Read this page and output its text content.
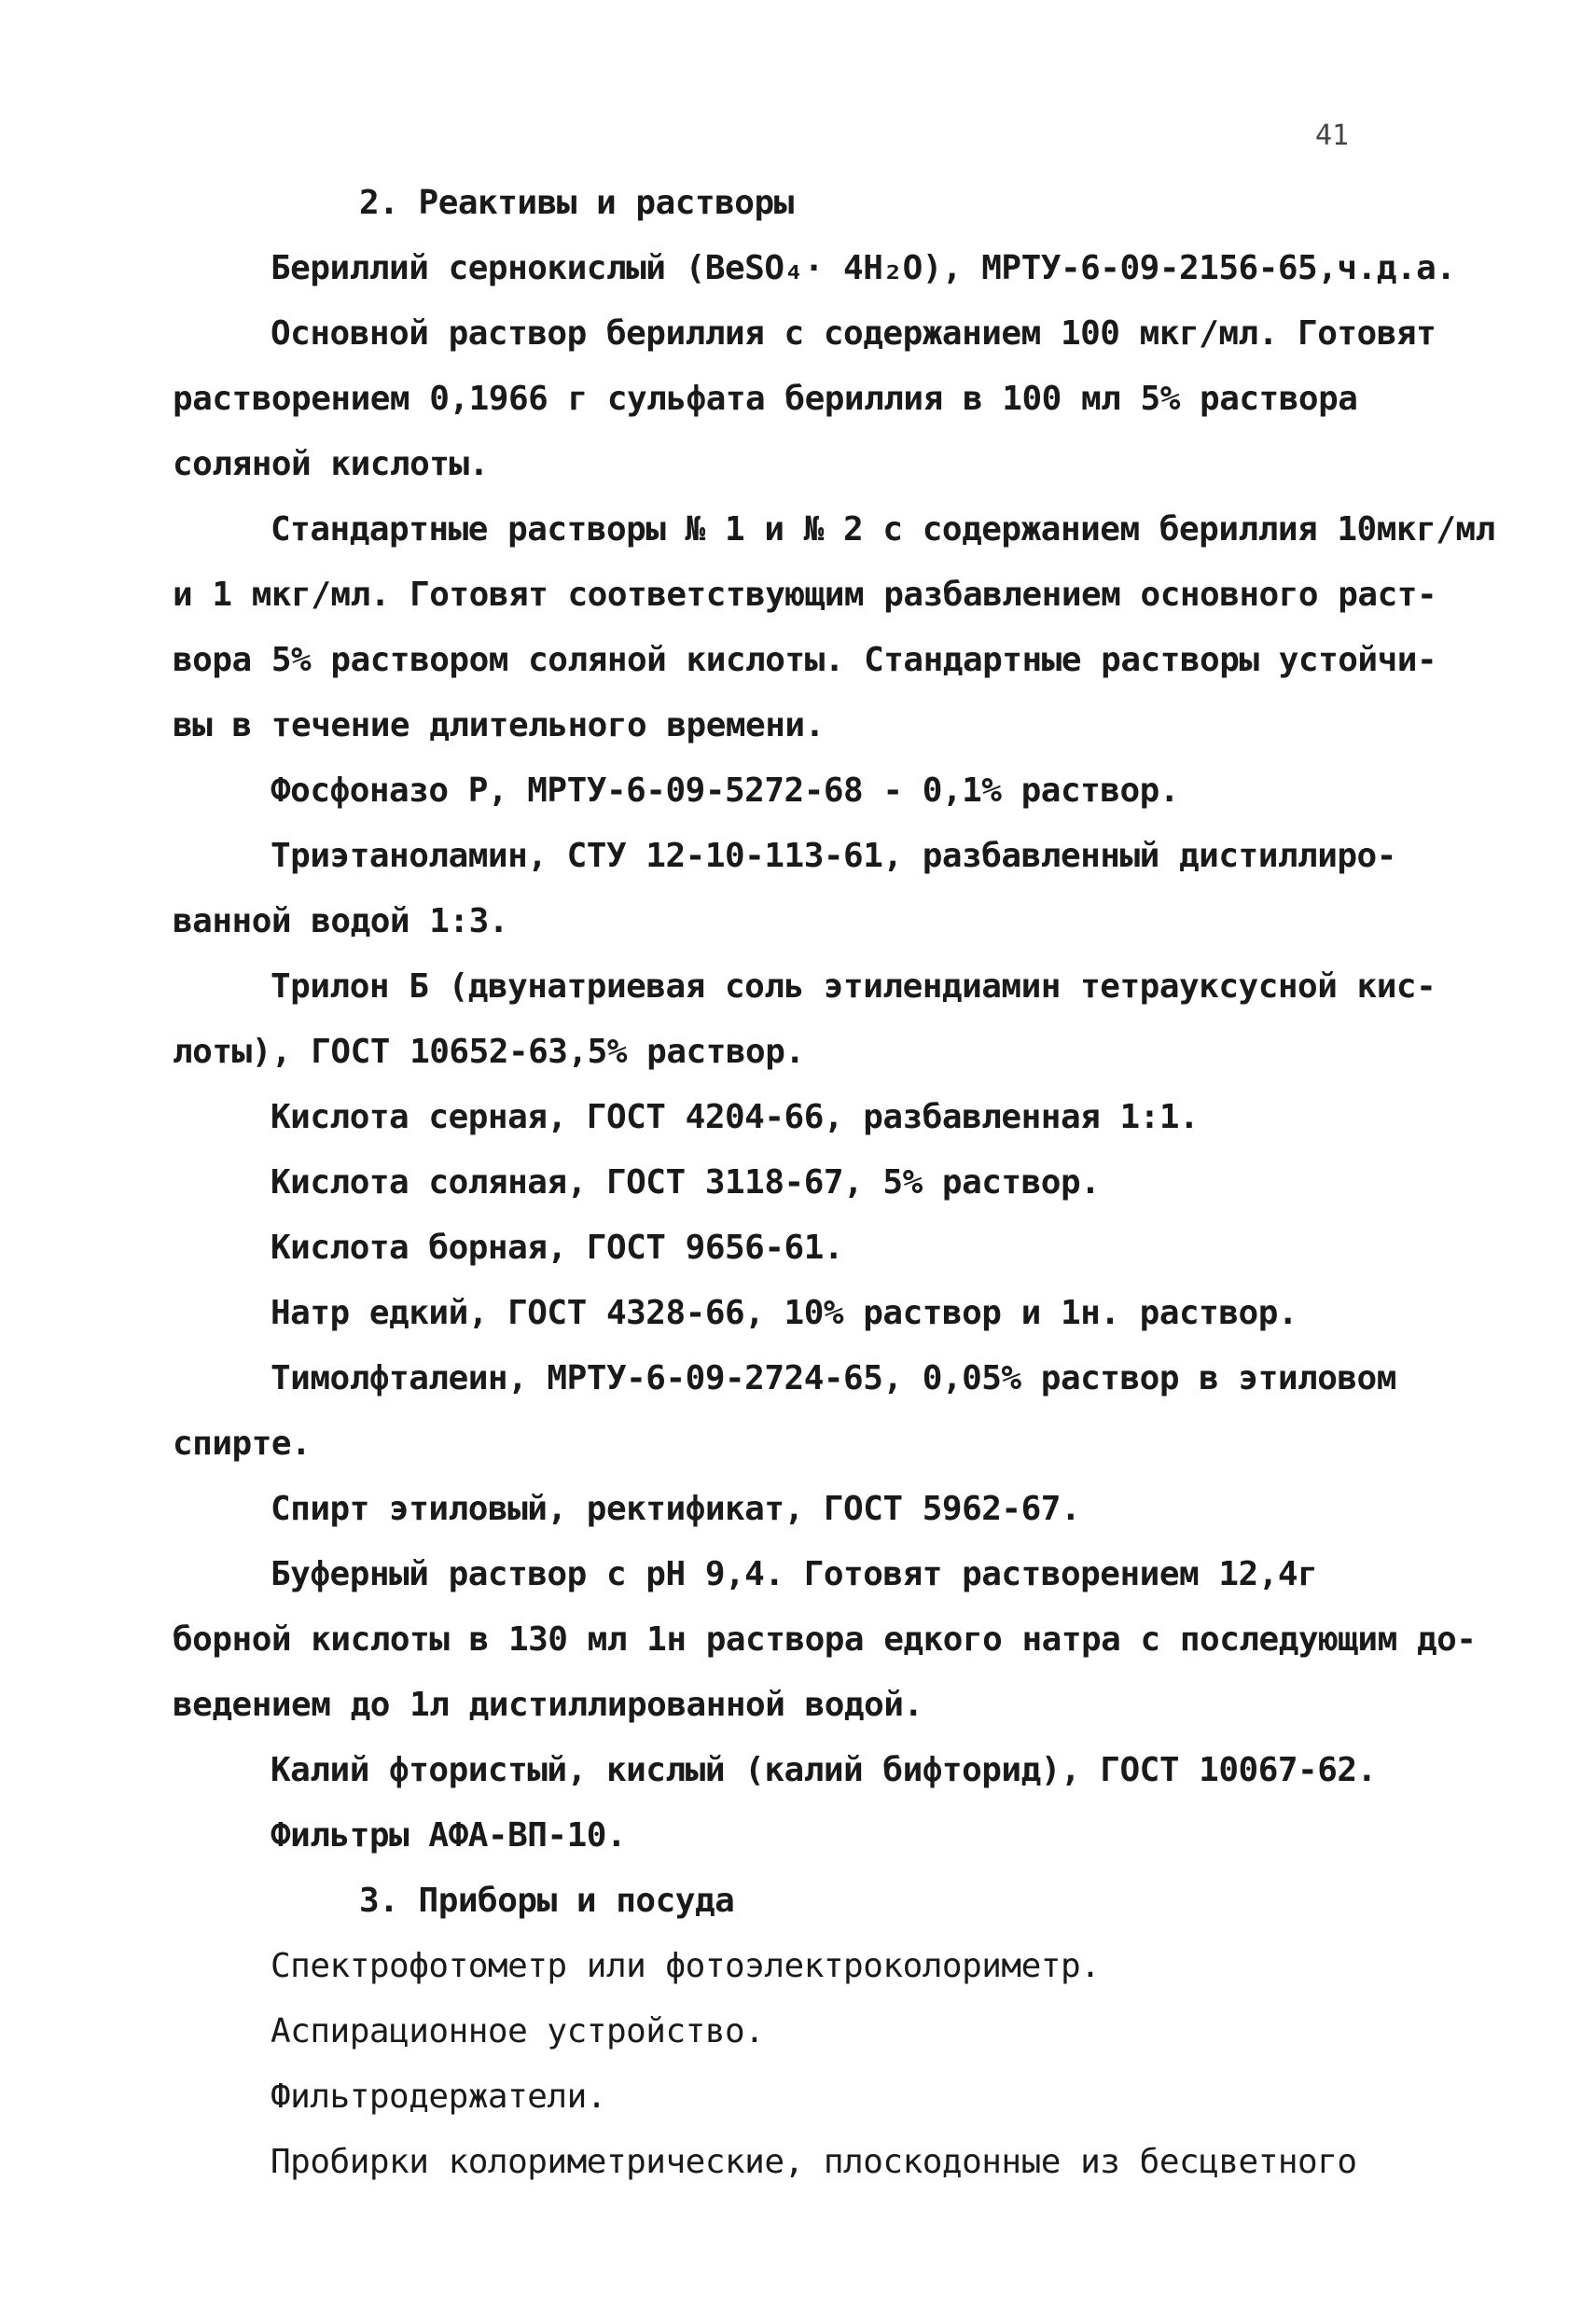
41
2. Реактивы и растворы
Бериллий сернокислый (BeSO₄· 4H₂O), МРТУ-6-09-2156-65,ч.д.а.
Основной раствор бериллия с содержанием 100 мкг/мл. Готовят
растворением 0,1966 г сульфата бериллия в 100 мл 5% раствора
соляной кислоты.
Стандартные растворы № 1 и № 2 с содержанием бериллия 10мкг/мл
и 1 мкг/мл. Готовят соответствующим разбавлением основного раст-
вора 5% раствором соляной кислоты. Стандартные растворы устойчи-
вы в течение длительного времени.
Фосфоназо Р, МРТУ-6-09-5272-68 - 0,1% раствор.
Триэтаноламин, СТУ 12-10-113-61, разбавленный дистиллиро-
ванной водой 1:3.
Трилон Б (двунатриевая соль этилендиамин тетрауксусной кис-
лоты), ГОСТ 10652-63,5% раствор.
Кислота серная, ГОСТ 4204-66, разбавленная 1:1.
Кислота соляная, ГОСТ 3118-67, 5% раствор.
Кислота борная, ГОСТ 9656-61.
Натр едкий, ГОСТ 4328-66, 10% раствор и 1н. раствор.
Тимолфталеин, МРТУ-6-09-2724-65, 0,05% раствор в этиловом
спирте.
Спирт этиловый, ректификат, ГОСТ 5962-67.
Буферный раствор с pH 9,4. Готовят растворением 12,4г
борной кислоты в 130 мл 1н раствора едкого натра с последующим до-
ведением до 1л дистиллированной водой.
Калий фтористый, кислый (калий бифторид), ГОСТ 10067-62.
Фильтры АФА-ВП-10.
3. Приборы и посуда
Спектрофотометр или фотоэлектроколориметр.
Аспирационное устройство.
Фильтродержатели.
Пробирки колориметрические, плоскодонные из бесцветного
